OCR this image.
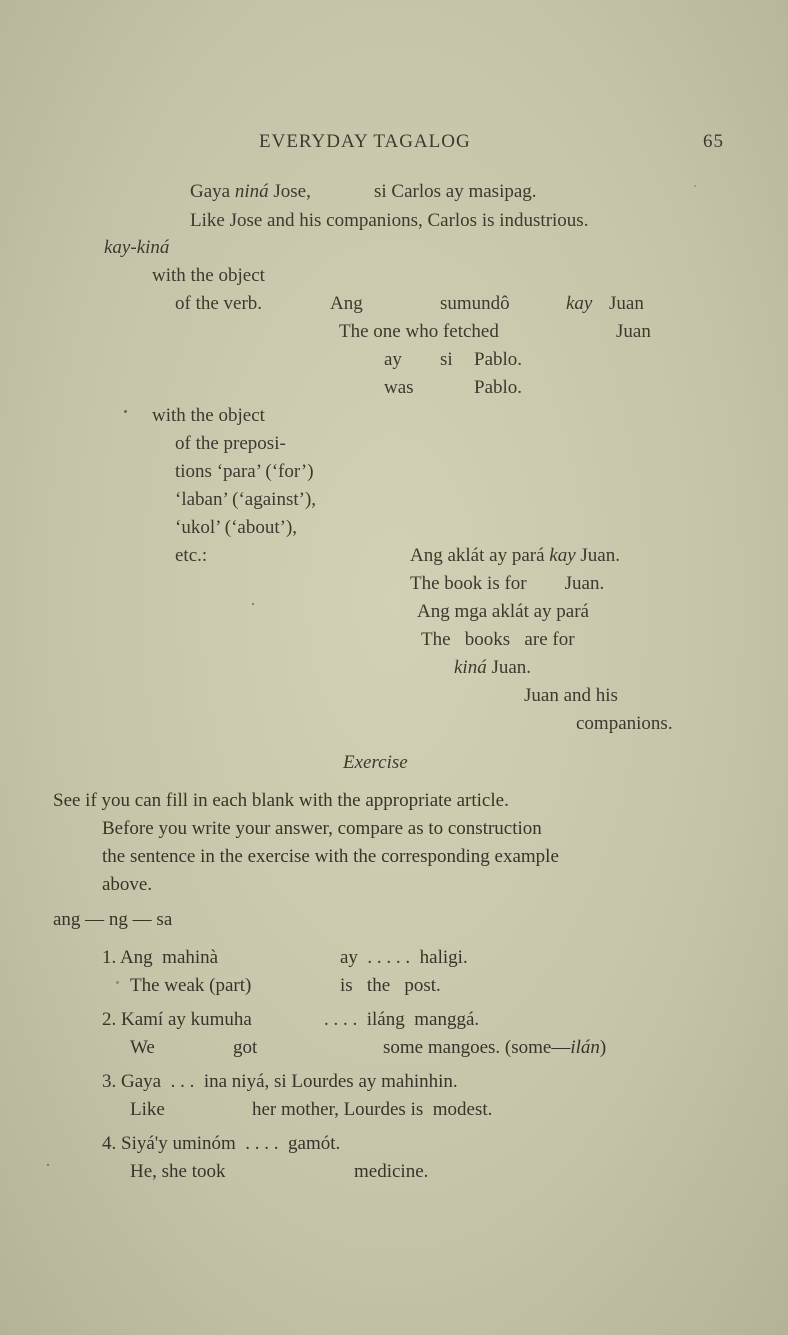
EVERYDAY TAGALOG	65
Gaya niná Jose,	si Carlos ay masipag.
Like Jose and his companions, Carlos is industrious.
kay-kiná
with the object
of the verb.	Ang	sumundô	kay Juan
The one who fetched	Juan
ay si Pablo.
was	Pablo.
with the object
of the preposi-
tions ‘para’ (‘for’)
‘laban’ (‘against’),
‘ukol’ (‘about’),
etc.:	Ang aklát ay pará kay Juan.
The book is for        Juan.
Ang mga aklát ay pará
The   books   are for
kiná Juan.
Juan and his
companions.
Exercise
See if you can fill in each blank with the appropriate article.
Before you write your answer, compare as to construction
the sentence in the exercise with the corresponding example
above.
ang — ng — sa
1. Ang  mahinà	ay  . . . . .  haligi.
The weak (part)	is   the   post.
2. Kamí ay kumuha	. . . .  iláng  manggá.
We	got	some mangoes. (some—ilán)
3. Gaya  . . .  ina niyá, si Lourdes ay mahinhin.
Like	her mother, Lourdes is  modest.
4. Siyá'y uminóm  . . . .  gamót.
He, she took	medicine.
